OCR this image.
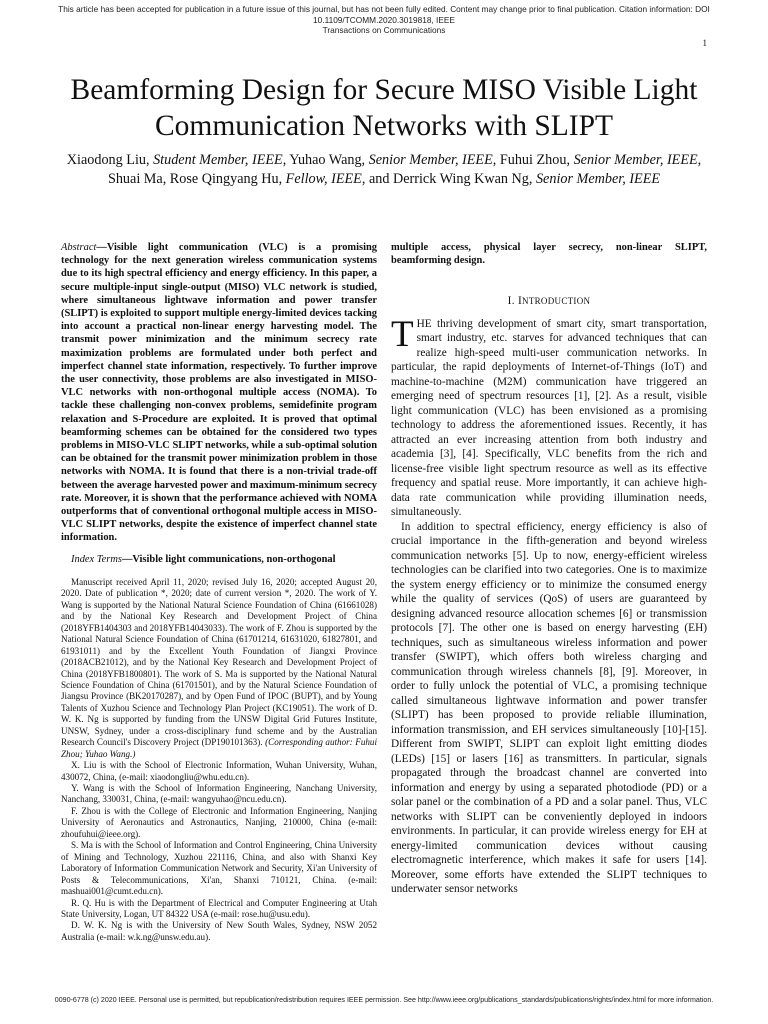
This article has been accepted for publication in a future issue of this journal, but has not been fully edited. Content may change prior to final publication. Citation information: DOI 10.1109/TCOMM.2020.3019818, IEEE
Transactions on Communications
1
Beamforming Design for Secure MISO Visible Light Communication Networks with SLIPT
Xiaodong Liu, Student Member, IEEE, Yuhao Wang, Senior Member, IEEE, Fuhui Zhou, Senior Member, IEEE,
Shuai Ma, Rose Qingyang Hu, Fellow, IEEE, and Derrick Wing Kwan Ng, Senior Member, IEEE

Abstract—Visible light communication (VLC) is a promising technology for the next generation wireless communication systems due to its high spectral efficiency and energy efficiency. In this paper, a secure multiple-input single-output (MISO) VLC network is studied, where simultaneous lightwave information and power transfer (SLIPT) is exploited to support multiple energy-limited devices tacking into account a practical non-linear energy harvesting model. The transmit power minimization and the minimum secrecy rate maximization problems are formulated under both perfect and imperfect channel state information, respectively. To further improve the user connectivity, those problems are also investigated in MISO-VLC networks with non-orthogonal multiple access (NOMA). To tackle these challenging non-convex problems, semidefinite program relaxation and S-Procedure are exploited. It is proved that optimal beamforming schemes can be obtained for the considered two types problems in MISO-VLC SLIPT networks, while a sub-optimal solution can be obtained for the transmit power minimization problem in those networks with NOMA. It is found that there is a non-trivial trade-off between the average harvested power and maximum-minimum secrecy rate. Moreover, it is shown that the performance achieved with NOMA outperforms that of conventional orthogonal multiple access in MISO-VLC SLIPT networks, despite the existence of imperfect channel state information.

Index Terms—Visible light communications, non-orthogonal

Manuscript received April 11, 2020; revised July 16, 2020; accepted August 20, 2020. Date of publication *, 2020; date of current version *, 2020. The work of Y. Wang is supported by the National Natural Science Foundation of China (61661028) and by the National Key Research and Development Project of China (2018YFB1404303 and 2018YFB14043033). The work of F. Zhou is supported by the National Natural Science Foundation of China (61701214, 61631020, 61827801, and 61931011) and by the Excellent Youth Foundation of Jiangxi Province (2018ACB21012), and by the National Key Research and Development Project of China (2018YFB1800801). The work of S. Ma is supported by the National Natural Science Foundation of China (61701501), and by the Natural Science Foundation of Jiangsu Province (BK20170287), and by Open Fund of IPOC (BUPT), and by Young Talents of Xuzhou Science and Technology Plan Project (KC19051). The work of D. W. K. Ng is supported by funding from the UNSW Digital Grid Futures Institute, UNSW, Sydney, under a cross-disciplinary fund scheme and by the Australian Research Council's Discovery Project (DP190101363). (Corresponding author: Fuhui Zhou; Yuhao Wang.)

X. Liu is with the School of Electronic Information, Wuhan University, Wuhan, 430072, China, (e-mail: xiaodongliu@whu.edu.cn).

Y. Wang is with the School of Information Engineering, Nanchang University, Nanchang, 330031, China, (e-mail: wangyuhao@ncu.edu.cn).

F. Zhou is with the College of Electronic and Information Engineering, Nanjing University of Aeronautics and Astronautics, Nanjing, 210000, China (e-mail: zhoufuhui@ieee.org).

S. Ma is with the School of Information and Control Engineering, China University of Mining and Technology, Xuzhou 221116, China, and also with Shanxi Key Laboratory of Information Communication Network and Security, Xi'an University of Posts & Telecommunications, Xi'an, Shanxi 710121, China. (e-mail: mashuai001@cumt.edu.cn).

R. Q. Hu is with the Department of Electrical and Computer Engineering at Utah State University, Logan, UT 84322 USA (e-mail: rose.hu@usu.edu).

D. W. K. Ng is with the University of New South Wales, Sydney, NSW 2052 Australia (e-mail: w.k.ng@unsw.edu.au).

multiple access, physical layer secrecy, non-linear SLIPT, beamforming design.

I. INTRODUCTION

THE thriving development of smart city, smart transportation, smart industry, etc. starves for advanced techniques that can realize high-speed multi-user communication networks. In particular, the rapid deployments of Internet-of-Things (IoT) and machine-to-machine (M2M) communication have triggered an emerging need of spectrum resources [1], [2]. As a result, visible light communication (VLC) has been envisioned as a promising technology to address the aforementioned issues. Recently, it has attracted an ever increasing attention from both industry and academia [3], [4]. Specifically, VLC benefits from the rich and license-free visible light spectrum resource as well as its effective frequency and spatial reuse. More importantly, it can achieve high-data rate communication while providing illumination needs, simultaneously.

In addition to spectral efficiency, energy efficiency is also of crucial importance in the fifth-generation and beyond wireless communication networks [5]. Up to now, energy-efficient wireless technologies can be clarified into two categories. One is to maximize the system energy efficiency or to minimize the consumed energy while the quality of services (QoS) of users are guaranteed by designing advanced resource allocation schemes [6] or transmission protocols [7]. The other one is based on energy harvesting (EH) techniques, such as simultaneous wireless information and power transfer (SWIPT), which offers both wireless charging and communication through wireless channels [8], [9]. Moreover, in order to fully unlock the potential of VLC, a promising technique called simultaneous lightwave information and power transfer (SLIPT) has been proposed to provide reliable illumination, information transmission, and EH services simultaneously [10]-[15]. Different from SWIPT, SLIPT can exploit light emitting diodes (LEDs) [15] or lasers [16] as transmitters. In particular, signals propagated through the broadcast channel are converted into information and energy by using a separated photodiode (PD) or a solar panel or the combination of a PD and a solar panel. Thus, VLC networks with SLIPT can be conveniently deployed in indoors environments. In particular, it can provide wireless energy for EH at energy-limited communication devices without causing electromagnetic interference, which makes it safe for users [14]. Moreover, some efforts have extended the SLIPT techniques to underwater sensor networks

0090-6778 (c) 2020 IEEE. Personal use is permitted, but republication/redistribution requires IEEE permission. See http://www.ieee.org/publications_standards/publications/rights/index.html for more information.
